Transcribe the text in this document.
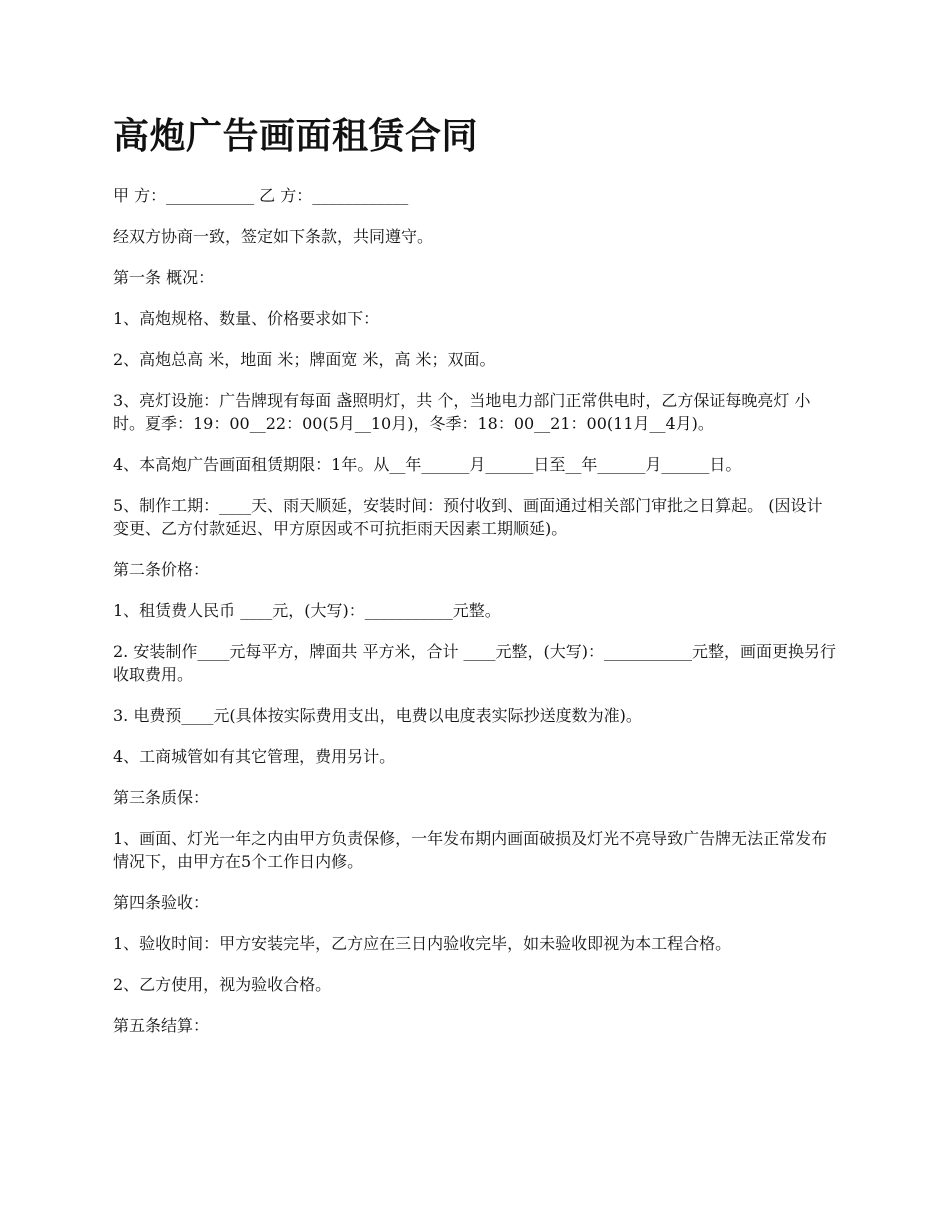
高炮广告画面租赁合同

甲 方：___________ 乙 方：____________

经双方协商一致，签定如下条款，共同遵守。

第一条 概况：

1、高炮规格、数量、价格要求如下：

2、高炮总高 米，地面 米；牌面宽 米，高 米；双面。

3、亮灯设施：广告牌现有每面 盏照明灯，共 个，当地电力部门正常供电时，乙方保证每晚亮灯 小时。夏季：19：00__22：00(5月__10月)，冬季：18：00__21：00(11月__4月)。

4、本高炮广告画面租赁期限：1年。从__年______月______日至__年______月______日。

5、制作工期：____天、雨天顺延，安装时间：预付收到、画面通过相关部门审批之日算起。 (因设计变更、乙方付款延迟、甲方原因或不可抗拒雨天因素工期顺延)。

第二条价格：

1、租赁费人民币 ____元，(大写)：___________元整。

2. 安装制作____元每平方，牌面共 平方米，合计 ____元整，(大写)：___________元整，画面更换另行收取费用。

3. 电费预____元(具体按实际费用支出，电费以电度表实际抄送度数为准)。

4、工商城管如有其它管理，费用另计。

第三条质保：

1、画面、灯光一年之内由甲方负责保修，一年发布期内画面破损及灯光不亮导致广告牌无法正常发布情况下，由甲方在5个工作日内修。

第四条验收：

1、验收时间：甲方安装完毕，乙方应在三日内验收完毕，如未验收即视为本工程合格。

2、乙方使用，视为验收合格。

第五条结算：
